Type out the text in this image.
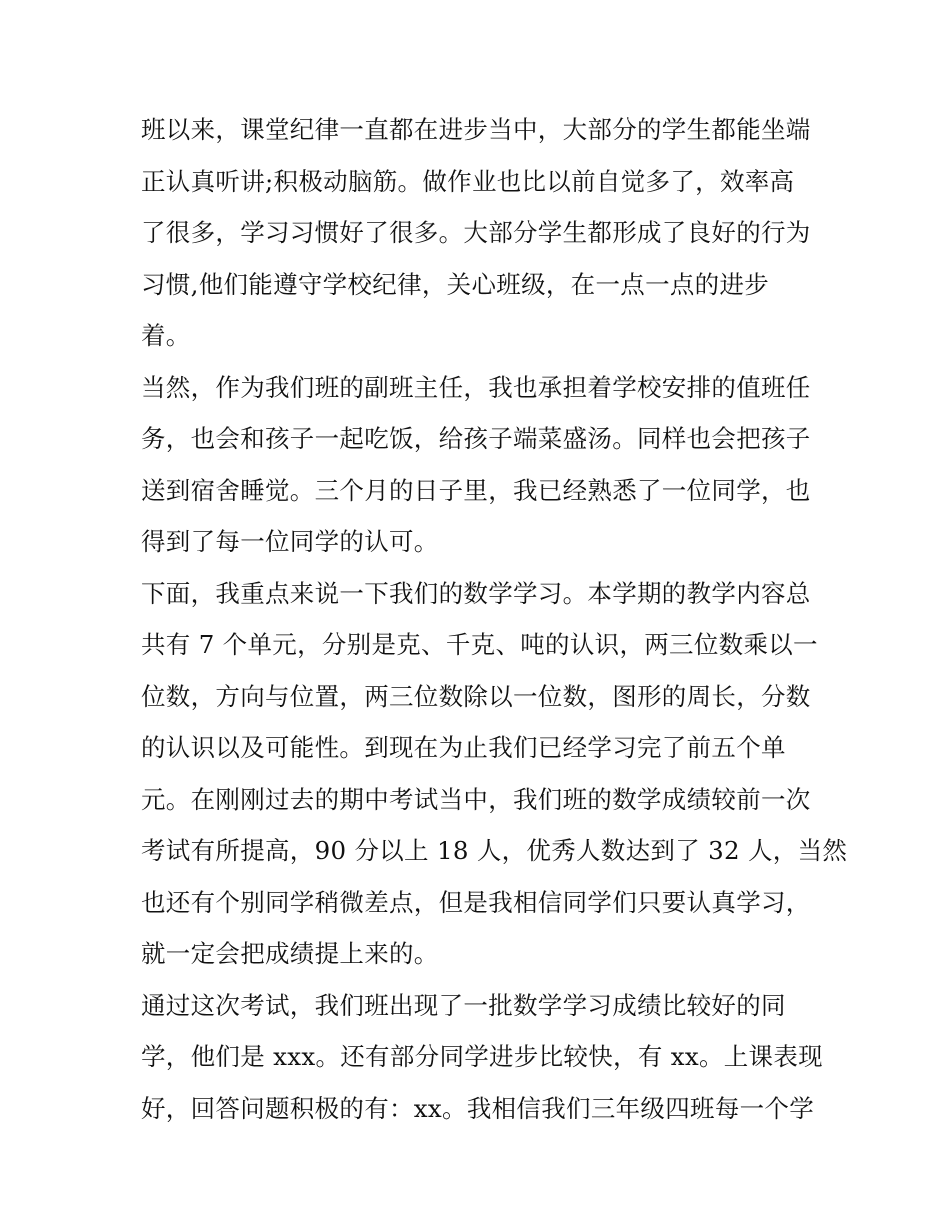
班以来，课堂纪律一直都在进步当中，大部分的学生都能坐端
正认真听讲;积极动脑筋。做作业也比以前自觉多了，效率高
了很多，学习习惯好了很多。大部分学生都形成了良好的行为
习惯,他们能遵守学校纪律，关心班级，在一点一点的进步
着。
当然，作为我们班的副班主任，我也承担着学校安排的值班任
务，也会和孩子一起吃饭，给孩子端菜盛汤。同样也会把孩子
送到宿舍睡觉。三个月的日子里，我已经熟悉了一位同学，也
得到了每一位同学的认可。
下面，我重点来说一下我们的数学学习。本学期的教学内容总
共有 7 个单元，分别是克、千克、吨的认识，两三位数乘以一
位数，方向与位置，两三位数除以一位数，图形的周长，分数
的认识以及可能性。到现在为止我们已经学习完了前五个单
元。在刚刚过去的期中考试当中，我们班的数学成绩较前一次
考试有所提高，90 分以上 18 人，优秀人数达到了 32 人，当然
也还有个别同学稍微差点，但是我相信同学们只要认真学习，
就一定会把成绩提上来的。
通过这次考试，我们班出现了一批数学学习成绩比较好的同
学，他们是 xxx。还有部分同学进步比较快，有 xx。上课表现
好，回答问题积极的有：xx。我相信我们三年级四班每一个学
